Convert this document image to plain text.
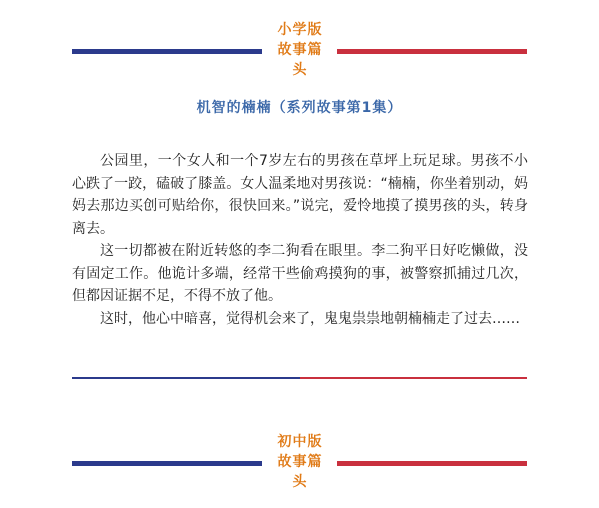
小学版
故事篇
头
机智的楠楠（系列故事第1集）

公园里，一个女人和一个7岁左右的男孩在草坪上玩足球。男孩不小心跌了一跤，磕破了膝盖。女人温柔地对男孩说：“楠楠，你坐着别动，妈妈去那边买创可贴给你，很快回来。”说完，爱怜地摸了摸男孩的头，转身离去。

这一切都被在附近转悠的李二狗看在眼里。李二狗平日好吃懒做，没有固定工作。他诡计多端，经常干些偷鸡摸狗的事，被警察抓捕过几次，但都因证据不足，不得不放了他。

这时，他心中暗喜，觉得机会来了，鬼鬼祟祟地朝楠楠走了过去……

初中版
故事篇
头
